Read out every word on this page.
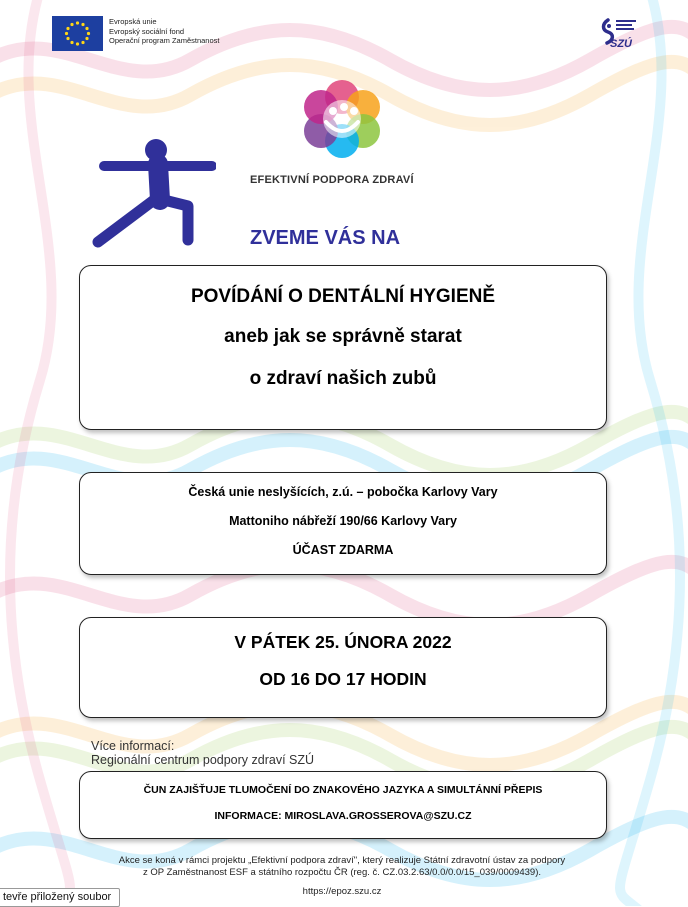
Evropská unie
Evropský sociální fond
Operační program Zaměstnanost	SZÚ
EFEKTIVNÍ PODPORA ZDRAVÍ
ZVEME VÁS NA
POVÍDÁNÍ O DENTÁLNÍ HYGIENĚ
aneb jak se správně starat
o zdraví našich zubů
Česká unie neslyšících, z.ú. – pobočka Karlovy Vary
Mattoniho nábřeží 190/66 Karlovy Vary
ÚČAST ZDARMA
V PÁTEK 25. ÚNORA 2022
OD 16 DO 17 HODIN
Více informací:
Regionální centrum podpory zdraví SZÚ
ČUN ZAJIŠŤUJE TLUMOČENÍ DO ZNAKOVÉHO JAZYKA A SIMULTÁNNÍ PŘEPIS
INFORMACE: MIROSLAVA.GROSSEROVA@SZU.CZ
Akce se koná v rámci projektu „Efektivní podpora zdraví", který realizuje Státní zdravotní ústav za podpory
z OP Zaměstnanost ESF a státního rozpočtu ČR (reg. č. CZ.03.2.63/0.0/0.0/15_039/0009439).
https://epoz.szu.cz
tevře přiložený soubor
